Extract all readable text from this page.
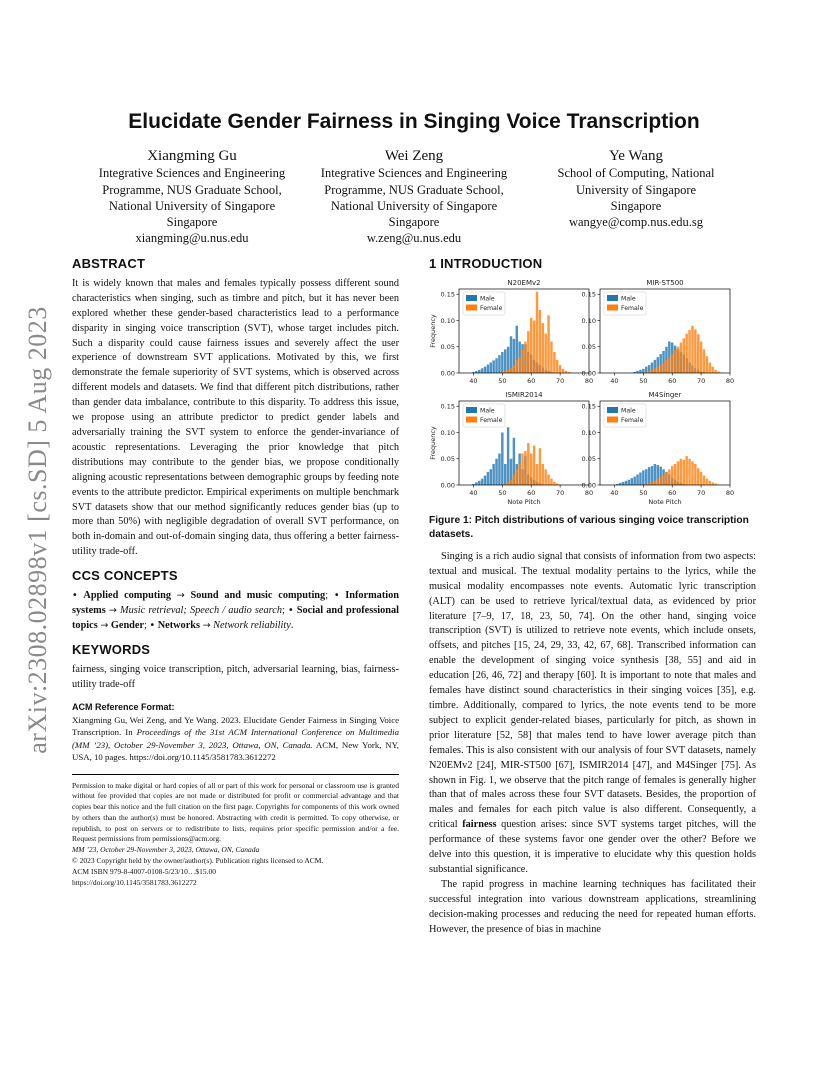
arXiv:2308.02898v1 [cs.SD] 5 Aug 2023
Elucidate Gender Fairness in Singing Voice Transcription
Xiangming Gu
Integrative Sciences and Engineering
Programme, NUS Graduate School,
National University of Singapore
Singapore
xiangming@u.nus.edu
Wei Zeng
Integrative Sciences and Engineering
Programme, NUS Graduate School,
National University of Singapore
Singapore
w.zeng@u.nus.edu
Ye Wang
School of Computing, National
University of Singapore
Singapore
wangye@comp.nus.edu.sg
ABSTRACT

It is widely known that males and females typically possess different sound characteristics when singing, such as timbre and pitch, but it has never been explored whether these gender-based characteristics lead to a performance disparity in singing voice transcription (SVT), whose target includes pitch. Such a disparity could cause fairness issues and severely affect the user experience of downstream SVT applications. Motivated by this, we first demonstrate the female superiority of SVT systems, which is observed across different models and datasets. We find that different pitch distributions, rather than gender data imbalance, contribute to this disparity. To address this issue, we propose using an attribute predictor to predict gender labels and adversarially training the SVT system to enforce the gender-invariance of acoustic representations. Leveraging the prior knowledge that pitch distributions may contribute to the gender bias, we propose conditionally aligning acoustic representations between demographic groups by feeding note events to the attribute predictor. Empirical experiments on multiple benchmark SVT datasets show that our method significantly reduces gender bias (up to more than 50%) with negligible degradation of overall SVT performance, on both in-domain and out-of-domain singing data, thus offering a better fairness-utility trade-off.

CCS CONCEPTS

• Applied computing → Sound and music computing; • Information systems → Music retrieval; Speech / audio search; • Social and professional topics → Gender; • Networks → Network reliability.

KEYWORDS

fairness, singing voice transcription, pitch, adversarial learning, bias, fairness-utility trade-off

ACM Reference Format:

Xiangming Gu, Wei Zeng, and Ye Wang. 2023. Elucidate Gender Fairness in Singing Voice Transcription. In Proceedings of the 31st ACM International Conference on Multimedia (MM ’23), October 29-November 3, 2023, Ottawa, ON, Canada. ACM, New York, NY, USA, 10 pages. https://doi.org/10.1145/3581783.3612272

Permission to make digital or hard copies of all or part of this work for personal or classroom use is granted without fee provided that copies are not made or distributed for profit or commercial advantage and that copies bear this notice and the full citation on the first page. Copyrights for components of this work owned by others than the author(s) must be honored. Abstracting with credit is permitted. To copy otherwise, or republish, to post on servers or to redistribute to lists, requires prior specific permission and/or a fee. Request permissions from permissions@acm.org.

MM ’23, October 29-November 3, 2023, Ottawa, ON, Canada
© 2023 Copyright held by the owner/author(s). Publication rights licensed to ACM.
ACM ISBN 979-8-4007-0108-5/23/10…$15.00
https://doi.org/10.1145/3581783.3612272
1 INTRODUCTION
N20EMv2
40	50	60	70	80
0.00
0.05
0.10
0.15
Frequency
Male
Female
MIR-ST500
40	50	60	70	80
0.00
0.05
0.10
0.15
Male
Female
ISMIR2014
40	50	60	70	80
0.00
0.05
0.10
0.15
Note Pitch
Frequency
Male
Female
M4Singer
40	50	60	70	80
0.00
0.05
0.10
0.15
Note Pitch
Male
Female
Figure 1: Pitch distributions of various singing voice transcription datasets.

Singing is a rich audio signal that consists of information from two aspects: textual and musical. The textual modality pertains to the lyrics, while the musical modality encompasses note events. Automatic lyric transcription (ALT) can be used to retrieve lyrical/textual data, as evidenced by prior literature [7–9, 17, 18, 23, 50, 74]. On the other hand, singing voice transcription (SVT) is utilized to retrieve note events, which include onsets, offsets, and pitches [15, 24, 29, 33, 42, 67, 68]. Transcribed information can enable the development of singing voice synthesis [38, 55] and aid in education [26, 46, 72] and therapy [60]. It is important to note that males and females have distinct sound characteristics in their singing voices [35], e.g. timbre. Additionally, compared to lyrics, the note events tend to be more subject to explicit gender-related biases, particularly for pitch, as shown in prior literature [52, 58] that males tend to have lower average pitch than females. This is also consistent with our analysis of four SVT datasets, namely N20EMv2 [24], MIR-ST500 [67], ISMIR2014 [47], and M4Singer [75]. As shown in Fig. 1, we observe that the pitch range of females is generally higher than that of males across these four SVT datasets. Besides, the proportion of males and females for each pitch value is also different. Consequently, a critical fairness question arises: since SVT systems target pitches, will the performance of these systems favor one gender over the other? Before we delve into this question, it is imperative to elucidate why this question holds substantial significance.

The rapid progress in machine learning techniques has facilitated their successful integration into various downstream applications, streamlining decision-making processes and reducing the need for repeated human efforts. However, the presence of bias in machine
